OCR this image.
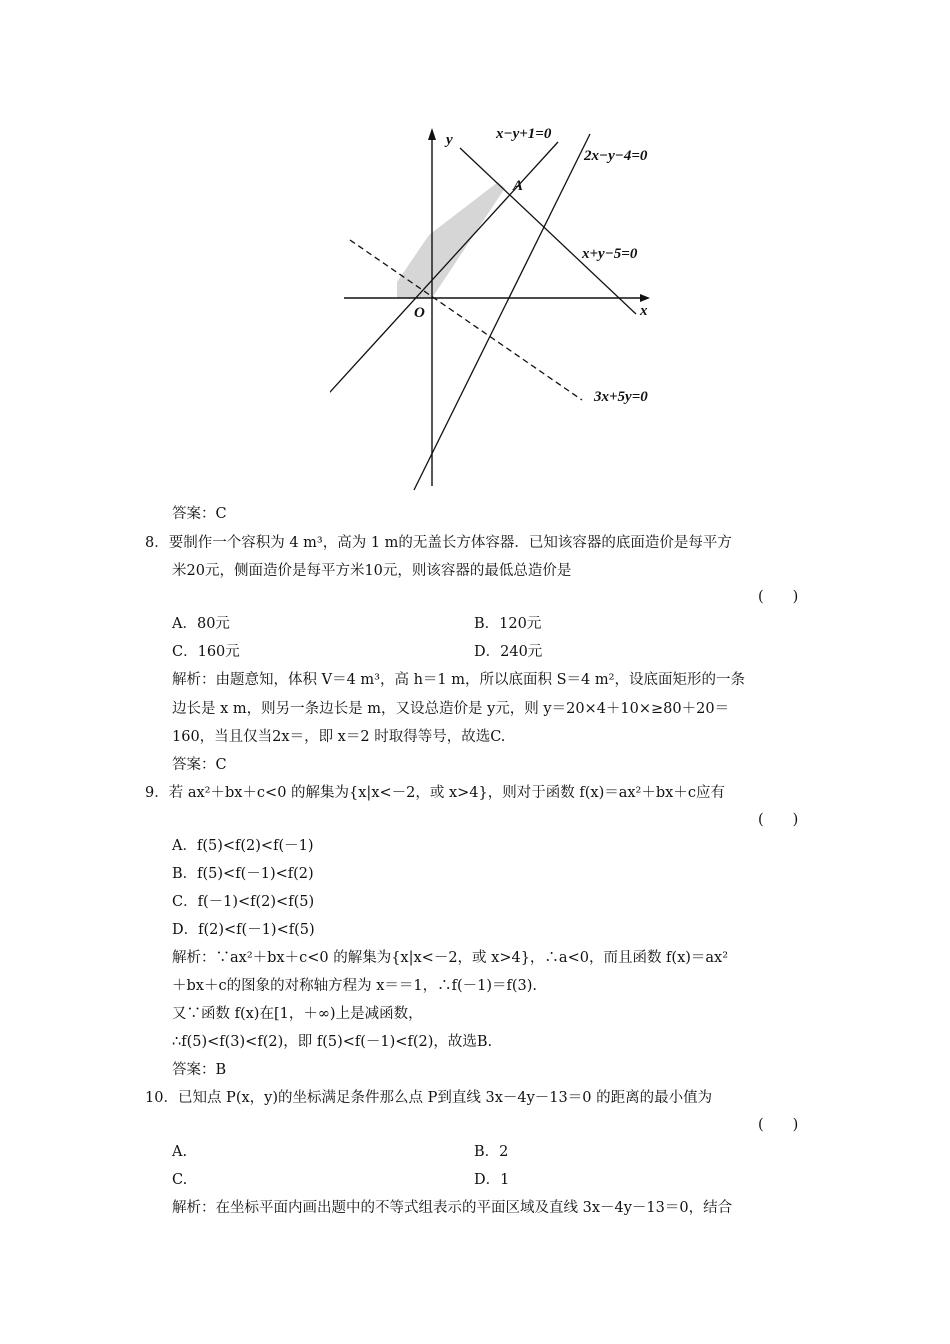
y
x
O
A
x−y+1=0
2x−y−4=0
x+y−5=0
3x+5y=0
答案：C
8．要制作一个容积为 4 m³，高为 1 m的无盖长方体容器．已知该容器的底面造价是每平方
米20元，侧面造价是每平方米10元，则该容器的最低总造价是
(　　)
A．80元	B．120元
C．160元	D．240元
解析：由题意知，体积 V＝4 m³，高 h＝1 m，所以底面积 S＝4 m²，设底面矩形的一条
边长是 x m，则另一条边长是 m，又设总造价是 y元，则 y＝20×4＋10×≥80＋20＝
160，当且仅当2x＝，即 x＝2 时取得等号，故选C.
答案：C
9．若 ax²＋bx＋c<0 的解集为{x|x<－2，或 x>4}，则对于函数 f(x)＝ax²＋bx＋c应有
(　　)
A．f(5)<f(2)<f(－1)
B．f(5)<f(－1)<f(2)
C．f(－1)<f(2)<f(5)
D．f(2)<f(－1)<f(5)
解析：∵ax²＋bx＋c<0 的解集为{x|x<－2，或 x>4}，∴a<0，而且函数 f(x)＝ax²
＋bx＋c的图象的对称轴方程为 x＝＝1，∴f(－1)＝f(3).
又∵函数 f(x)在[1，＋∞)上是减函数，
∴f(5)<f(3)<f(2)，即 f(5)<f(－1)<f(2)，故选B.
答案：B
10．已知点 P(x，y)的坐标满足条件那么点 P到直线 3x－4y－13＝0 的距离的最小值为
(　　)
A.	B．2
C.	D．1
解析：在坐标平面内画出题中的不等式组表示的平面区域及直线 3x－4y－13＝0，结合
